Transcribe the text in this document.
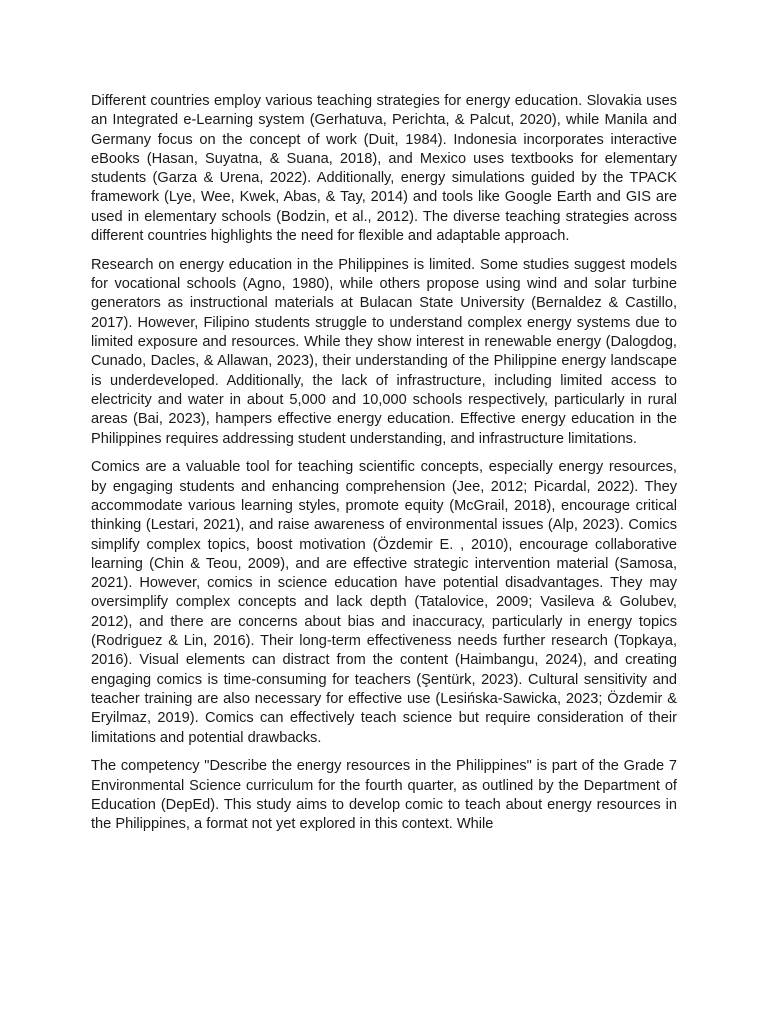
Different countries employ various teaching strategies for energy education. Slovakia uses an Integrated e-Learning system (Gerhatuva, Perichta, & Palcut, 2020), while Manila and Germany focus on the concept of work (Duit, 1984). Indonesia incorporates interactive eBooks (Hasan, Suyatna, & Suana, 2018), and Mexico uses textbooks for elementary students (Garza & Urena, 2022). Additionally, energy simulations guided by the TPACK framework (Lye, Wee, Kwek, Abas, & Tay, 2014) and tools like Google Earth and GIS are used in elementary schools (Bodzin, et al., 2012). The diverse teaching strategies across different countries highlights the need for flexible and adaptable approach.

Research on energy education in the Philippines is limited. Some studies suggest models for vocational schools (Agno, 1980), while others propose using wind and solar turbine generators as instructional materials at Bulacan State University (Bernaldez & Castillo, 2017). However, Filipino students struggle to understand complex energy systems due to limited exposure and resources. While they show interest in renewable energy (Dalogdog, Cunado, Dacles, & Allawan, 2023), their understanding of the Philippine energy landscape is underdeveloped. Additionally, the lack of infrastructure, including limited access to electricity and water in about 5,000 and 10,000 schools respectively, particularly in rural areas (Bai, 2023), hampers effective energy education. Effective energy education in the Philippines requires addressing student understanding, and infrastructure limitations.

Comics are a valuable tool for teaching scientific concepts, especially energy resources, by engaging students and enhancing comprehension (Jee, 2012; Picardal, 2022). They accommodate various learning styles, promote equity (McGrail, 2018), encourage critical thinking (Lestari, 2021), and raise awareness of environmental issues (Alp, 2023). Comics simplify complex topics, boost motivation (Özdemir E. , 2010), encourage collaborative learning (Chin & Teou, 2009), and are effective strategic intervention material (Samosa, 2021). However, comics in science education have potential disadvantages. They may oversimplify complex concepts and lack depth (Tatalovice, 2009; Vasileva & Golubev, 2012), and there are concerns about bias and inaccuracy, particularly in energy topics (Rodriguez & Lin, 2016). Their long-term effectiveness needs further research (Topkaya, 2016). Visual elements can distract from the content (Haimbangu, 2024), and creating engaging comics is time-consuming for teachers (Şentürk, 2023). Cultural sensitivity and teacher training are also necessary for effective use (Lesińska-Sawicka, 2023; Özdemir & Eryilmaz, 2019). Comics can effectively teach science but require consideration of their limitations and potential drawbacks.

The competency "Describe the energy resources in the Philippines" is part of the Grade 7 Environmental Science curriculum for the fourth quarter, as outlined by the Department of Education (DepEd). This study aims to develop comic to teach about energy resources in the Philippines, a format not yet explored in this context. While
